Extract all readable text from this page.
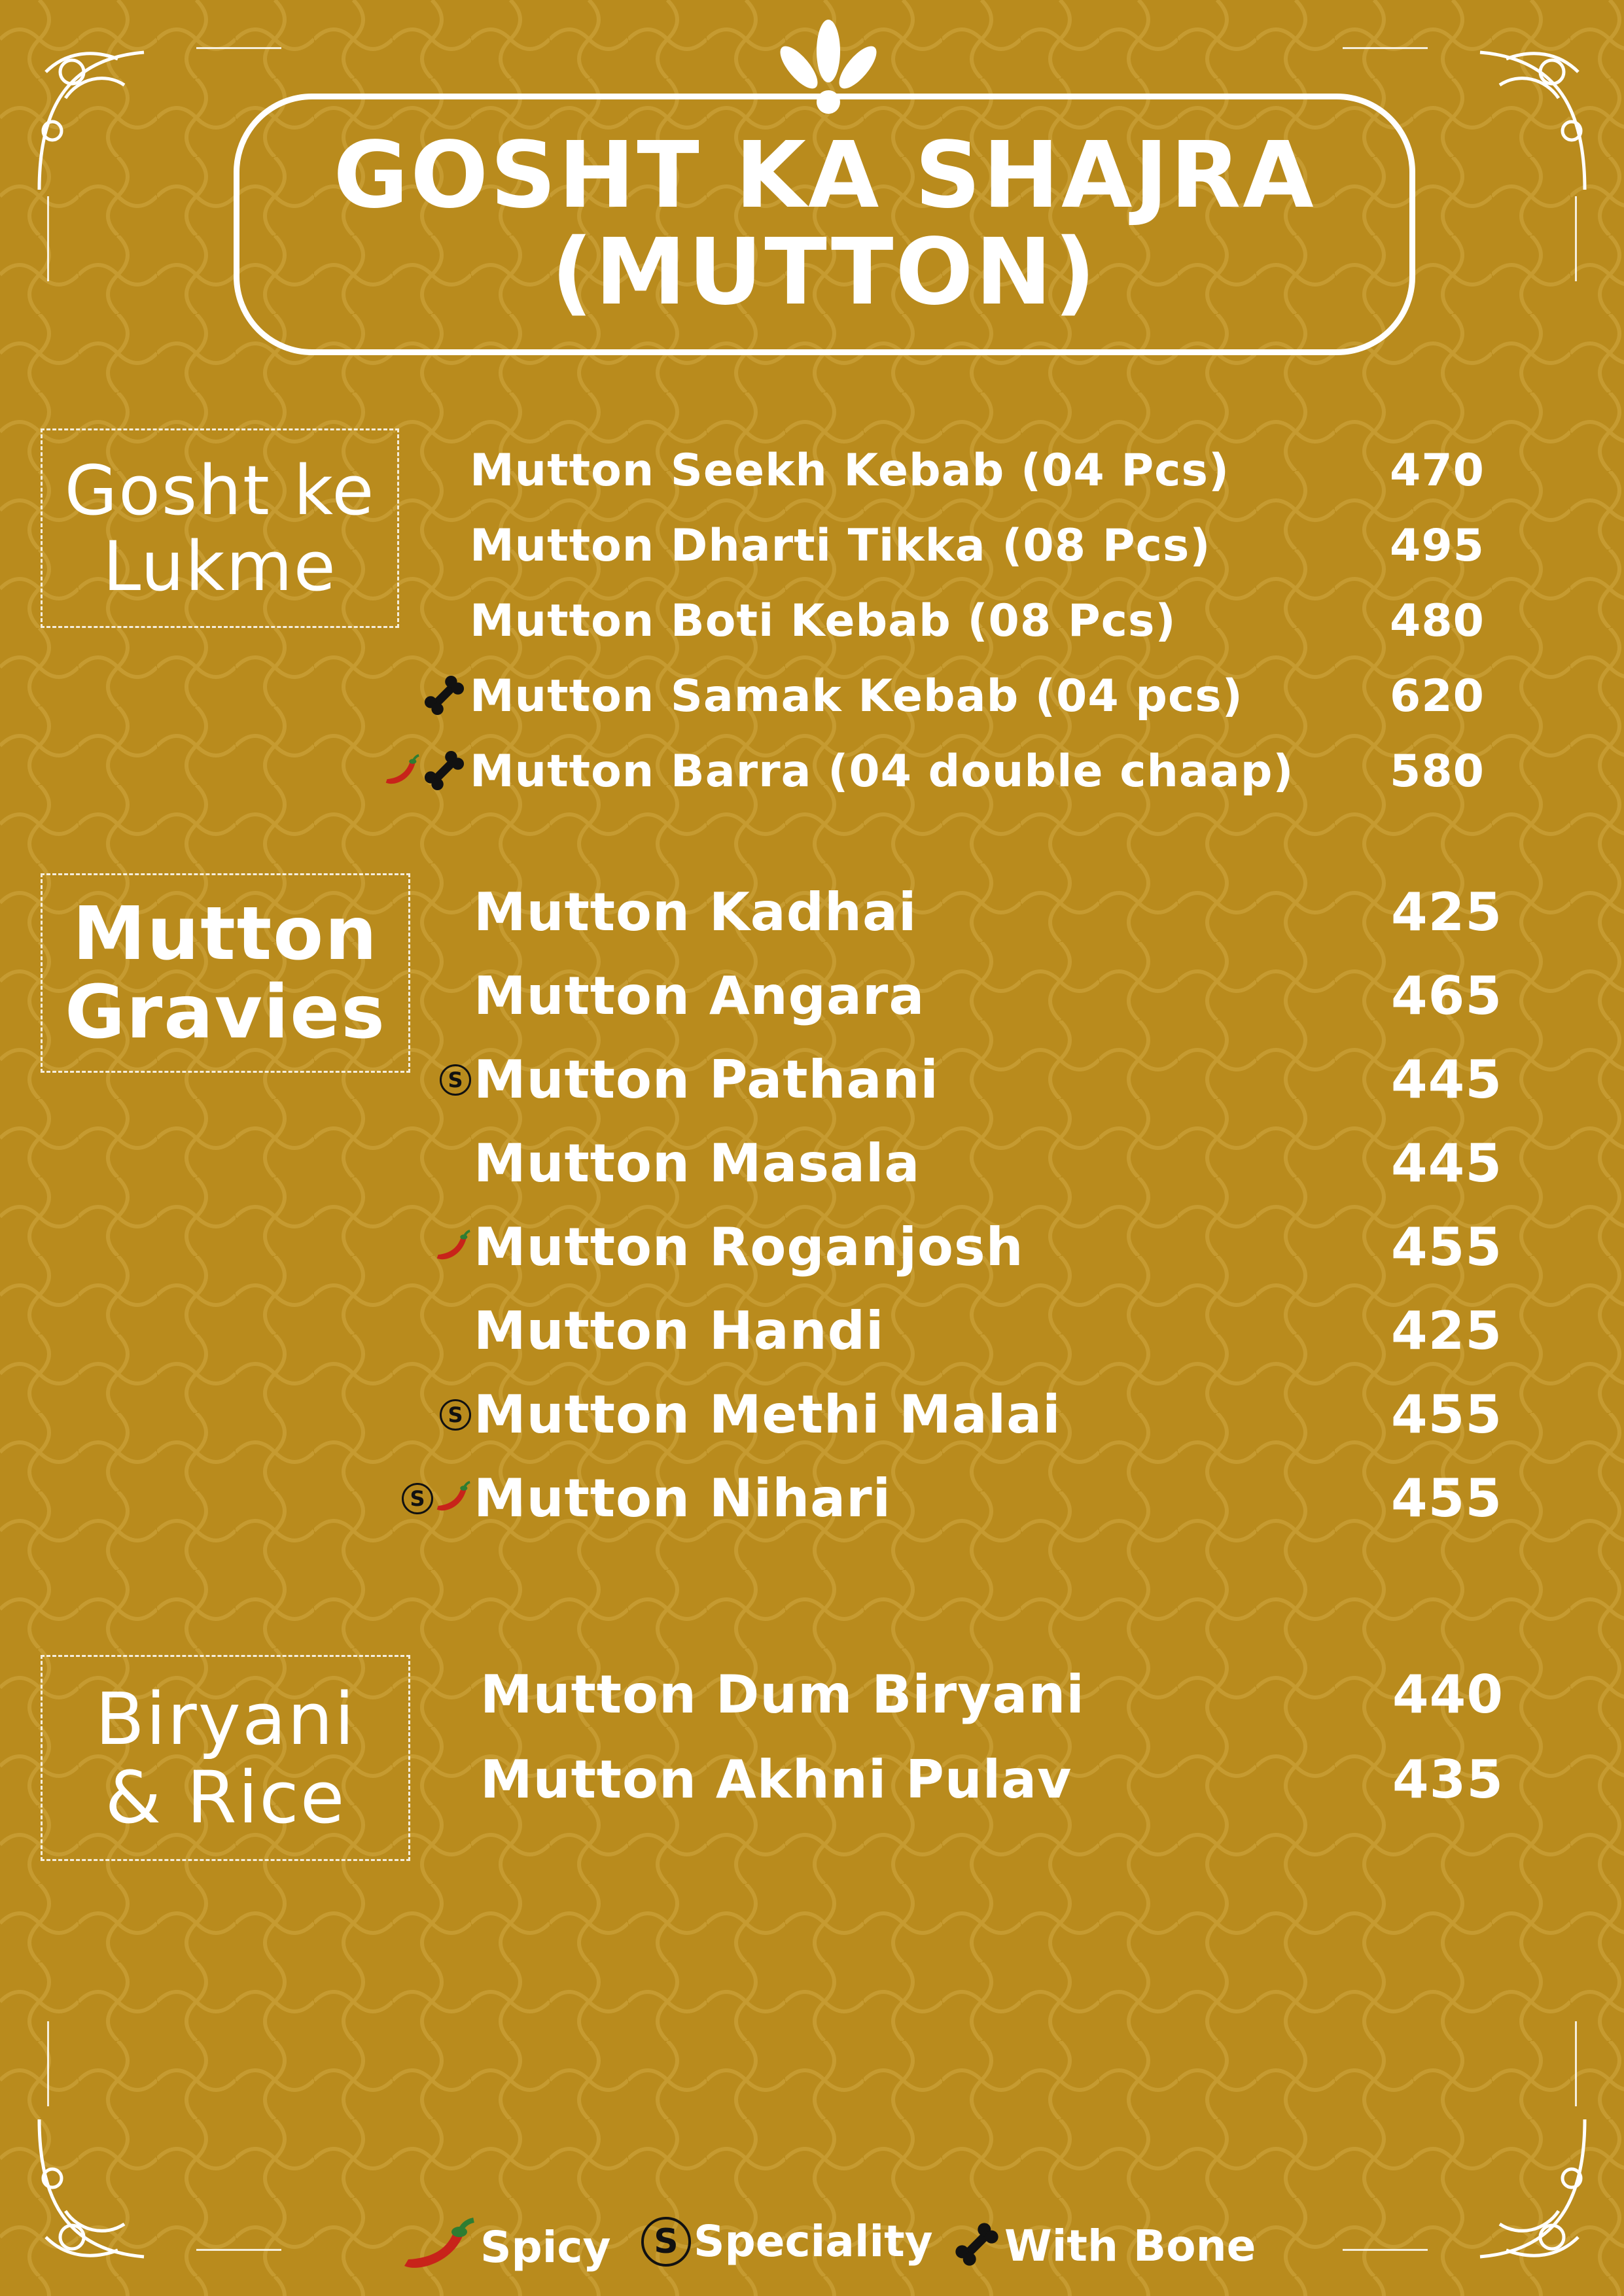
GOSHT KA SHAJRA
(MUTTON)
Gosht ke
Lukme
Mutton
Gravies
Biryani
& Rice
Mutton Seekh Kebab (04 Pcs)	470
Mutton Dharti Tikka (08 Pcs)	495
Mutton Boti Kebab (08 Pcs)	480
Mutton Samak Kebab (04 pcs)	620
Mutton Barra (04 double chaap) 580
Mutton Kadhai	425
Mutton Angara	465
Mutton Pathani	445
S
Mutton Masala	445
Mutton Roganjosh	455
Mutton Handi	425
Mutton Methi Malai	455
S
Mutton Nihari	455
S
Mutton Dum Biryani	440
Mutton Akhni Pulav	435
Spicy	S Speciality With Bone
